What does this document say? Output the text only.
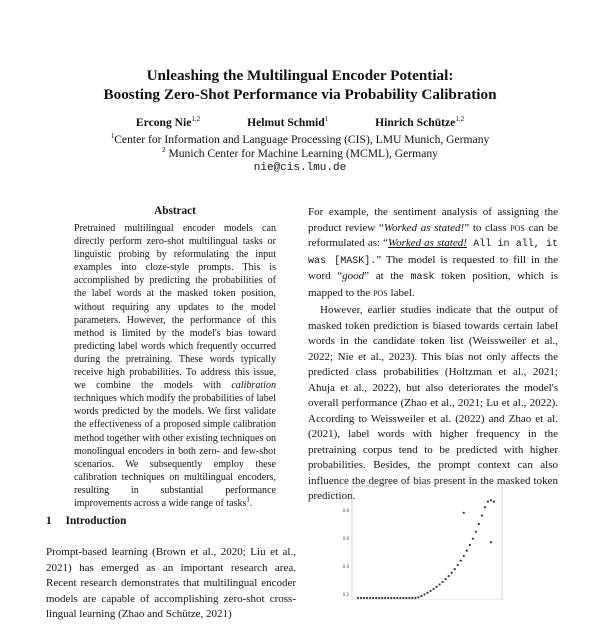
Unleashing the Multilingual Encoder Potential:
Boosting Zero-Shot Performance via Probability Calibration
Ercong Nie$^{1,2}$	Helmut Schmid$^1$	Hinrich Schütze$^{1,2}$
$^1$Center for Information and Language Processing (CIS), LMU Munich, Germany
$^2$ Munich Center for Machine Learning (MCML), Germany
nie@cis.lmu.de
Abstract

Pretrained multilingual encoder models can directly perform zero-shot multilingual tasks or linguistic probing by reformulating the input examples into cloze-style prompts. This is accomplished by predicting the probabilities of the label words at the masked token position, without requiring any updates to the model parameters. However, the performance of this method is limited by the model's bias toward predicting label words which frequently occurred during the pretraining. These words typically receive high probabilities. To address this issue, we combine the models with calibration techniques which modify the probabilities of label words predicted by the models. We first validate the effectiveness of a proposed simple calibration method together with other existing techniques on monolingual encoders in both zero- and few-shot scenarios. We subsequently employ these calibration techniques on multilingual encoders, resulting in substantial performance improvements across a wide range of tasks$^1$.

1 Introduction

Prompt-based learning (Brown et al., 2020; Liu et al., 2021) has emerged as an important research area. Recent research demonstrates that multilingual encoder models are capable of accomplishing zero-shot cross-lingual learning (Zhao and Schütze, 2021)

For example, the sentiment analysis of assigning the product review “Worked as stated!” to class pos can be reformulated as: “Worked as stated! All in all, it was [MASK].” The model is requested to fill in the word “good” at the mask token position, which is mapped to the pos label.

However, earlier studies indicate that the output of masked token prediction is biased towards certain label words in the candidate token list (Weissweiler et al., 2022; Nie et al., 2023). This bias not only affects the predicted class probabilities (Holtzman et al., 2021; Ahuja et al., 2022), but also deteriorates the model's overall performance (Zhao et al., 2021; Lu et al., 2022). According to Weissweiler et al. (2022) and Zhao et al. (2021), label words with higher frequency in the pretraining corpus tend to be predicted with higher probabilities. Besides, the prompt context can also influence the degree of bias present in the masked token prediction.

0.8
0.6
0.4
0.2
